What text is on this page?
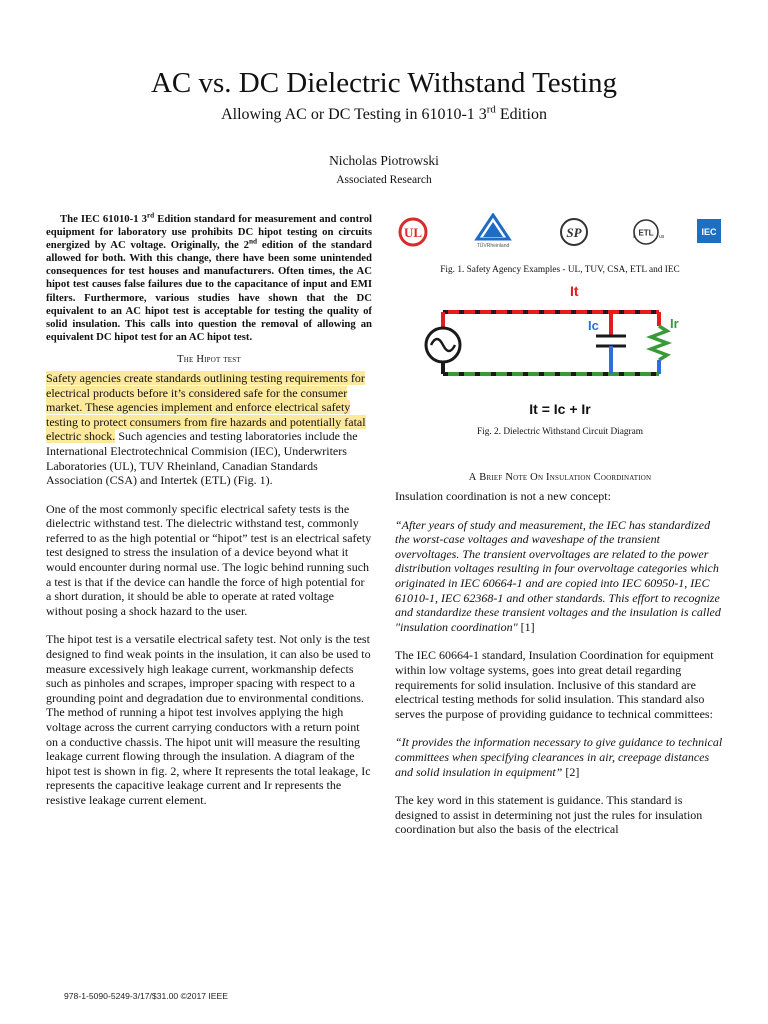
AC vs. DC Dielectric Withstand Testing
Allowing AC or DC Testing in 61010-1 3rd Edition
Nicholas Piotrowski
Associated Research

The IEC 61010-1 3rd Edition standard for measurement and control equipment for laboratory use prohibits DC hipot testing on circuits energized by AC voltage. Originally, the 2nd edition of the standard allowed for both. With this change, there have been some unintended consequences for test houses and manufacturers. Often times, the AC hipot test causes false failures due to the capacitance of input and EMI filters. Furthermore, various studies have shown that the DC equivalent to an AC hipot test is acceptable for testing the quality of solid insulation. This calls into question the removal of allowing an equivalent DC hipot test for an AC hipot test.

The Hipot test

Safety agencies create standards outlining testing requirements for electrical products before it’s considered safe for the consumer market. These agencies implement and enforce electrical safety testing to protect consumers from fire hazards and potentially fatal electric shock. Such agencies and testing laboratories include the International Electrotechnical Commision (IEC), Underwriters Laboratories (UL), TUV Rheinland, Canadian Standards Association (CSA) and Intertek (ETL) (Fig. 1).

One of the most commonly specific electrical safety tests is the dielectric withstand test. The dielectric withstand test, commonly referred to as the high potential or “hipot” test is an electrical safety test designed to stress the insulation of a device beyond what it would encounter during normal use. The logic behind running such a test is that if the device can handle the force of high potential for a short duration, it should be able to operate at rated voltage without posing a shock hazard to the user.

The hipot test is a versatile electrical safety test. Not only is the test designed to find weak points in the insulation, it can also be used to measure excessively high leakage current, workmanship defects such as pinholes and scrapes, improper spacing with respect to a grounding point and degradation due to environmental conditions. The method of running a hipot test involves applying the high voltage across the current carrying conductors with a return point on a conductive chassis. The hipot unit will measure the resulting leakage current flowing through the insulation. A diagram of the hipot test is shown in fig. 2, where It represents the total leakage, Ic represents the capacitive leakage current and Ir represents the resistive leakage current element.

UL
TÜVRheinland
SP	ETL
c	us	IEC
Fig. 1. Safety Agency Examples - UL, TUV, CSA, ETL and IEC
It
Ic	Ir
It = Ic + Ir
Fig. 2. Dielectric Withstand Circuit Diagram
A Brief Note On Insulation Coordination

Insulation coordination is not a new concept:

“After years of study and measurement, the IEC has standardized the worst-case voltages and waveshape of the transient overvoltages. The transient overvoltages are related to the power distribution voltages resulting in four overvoltage categories which originated in IEC 60664-1 and are copied into IEC 60950-1, IEC 61010-1, IEC 62368-1 and other standards. This effort to recognize and standardize these transient voltages and the insulation is called "insulation coordination" [1]

The IEC 60664-1 standard, Insulation Coordination for equipment within low voltage systems, goes into great detail regarding requirements for solid insulation. Inclusive of this standard are electrical testing methods for solid insulation. This standard also serves the purpose of providing guidance to technical committees:

“It provides the information necessary to give guidance to technical committees when specifying clearances in air, creepage distances and solid insulation in equipment” [2]

The key word in this statement is guidance. This standard is designed to assist in determining not just the rules for insulation coordination but also the basis of the electrical

978-1-5090-5249-3/17/$31.00 ©2017 IEEE
